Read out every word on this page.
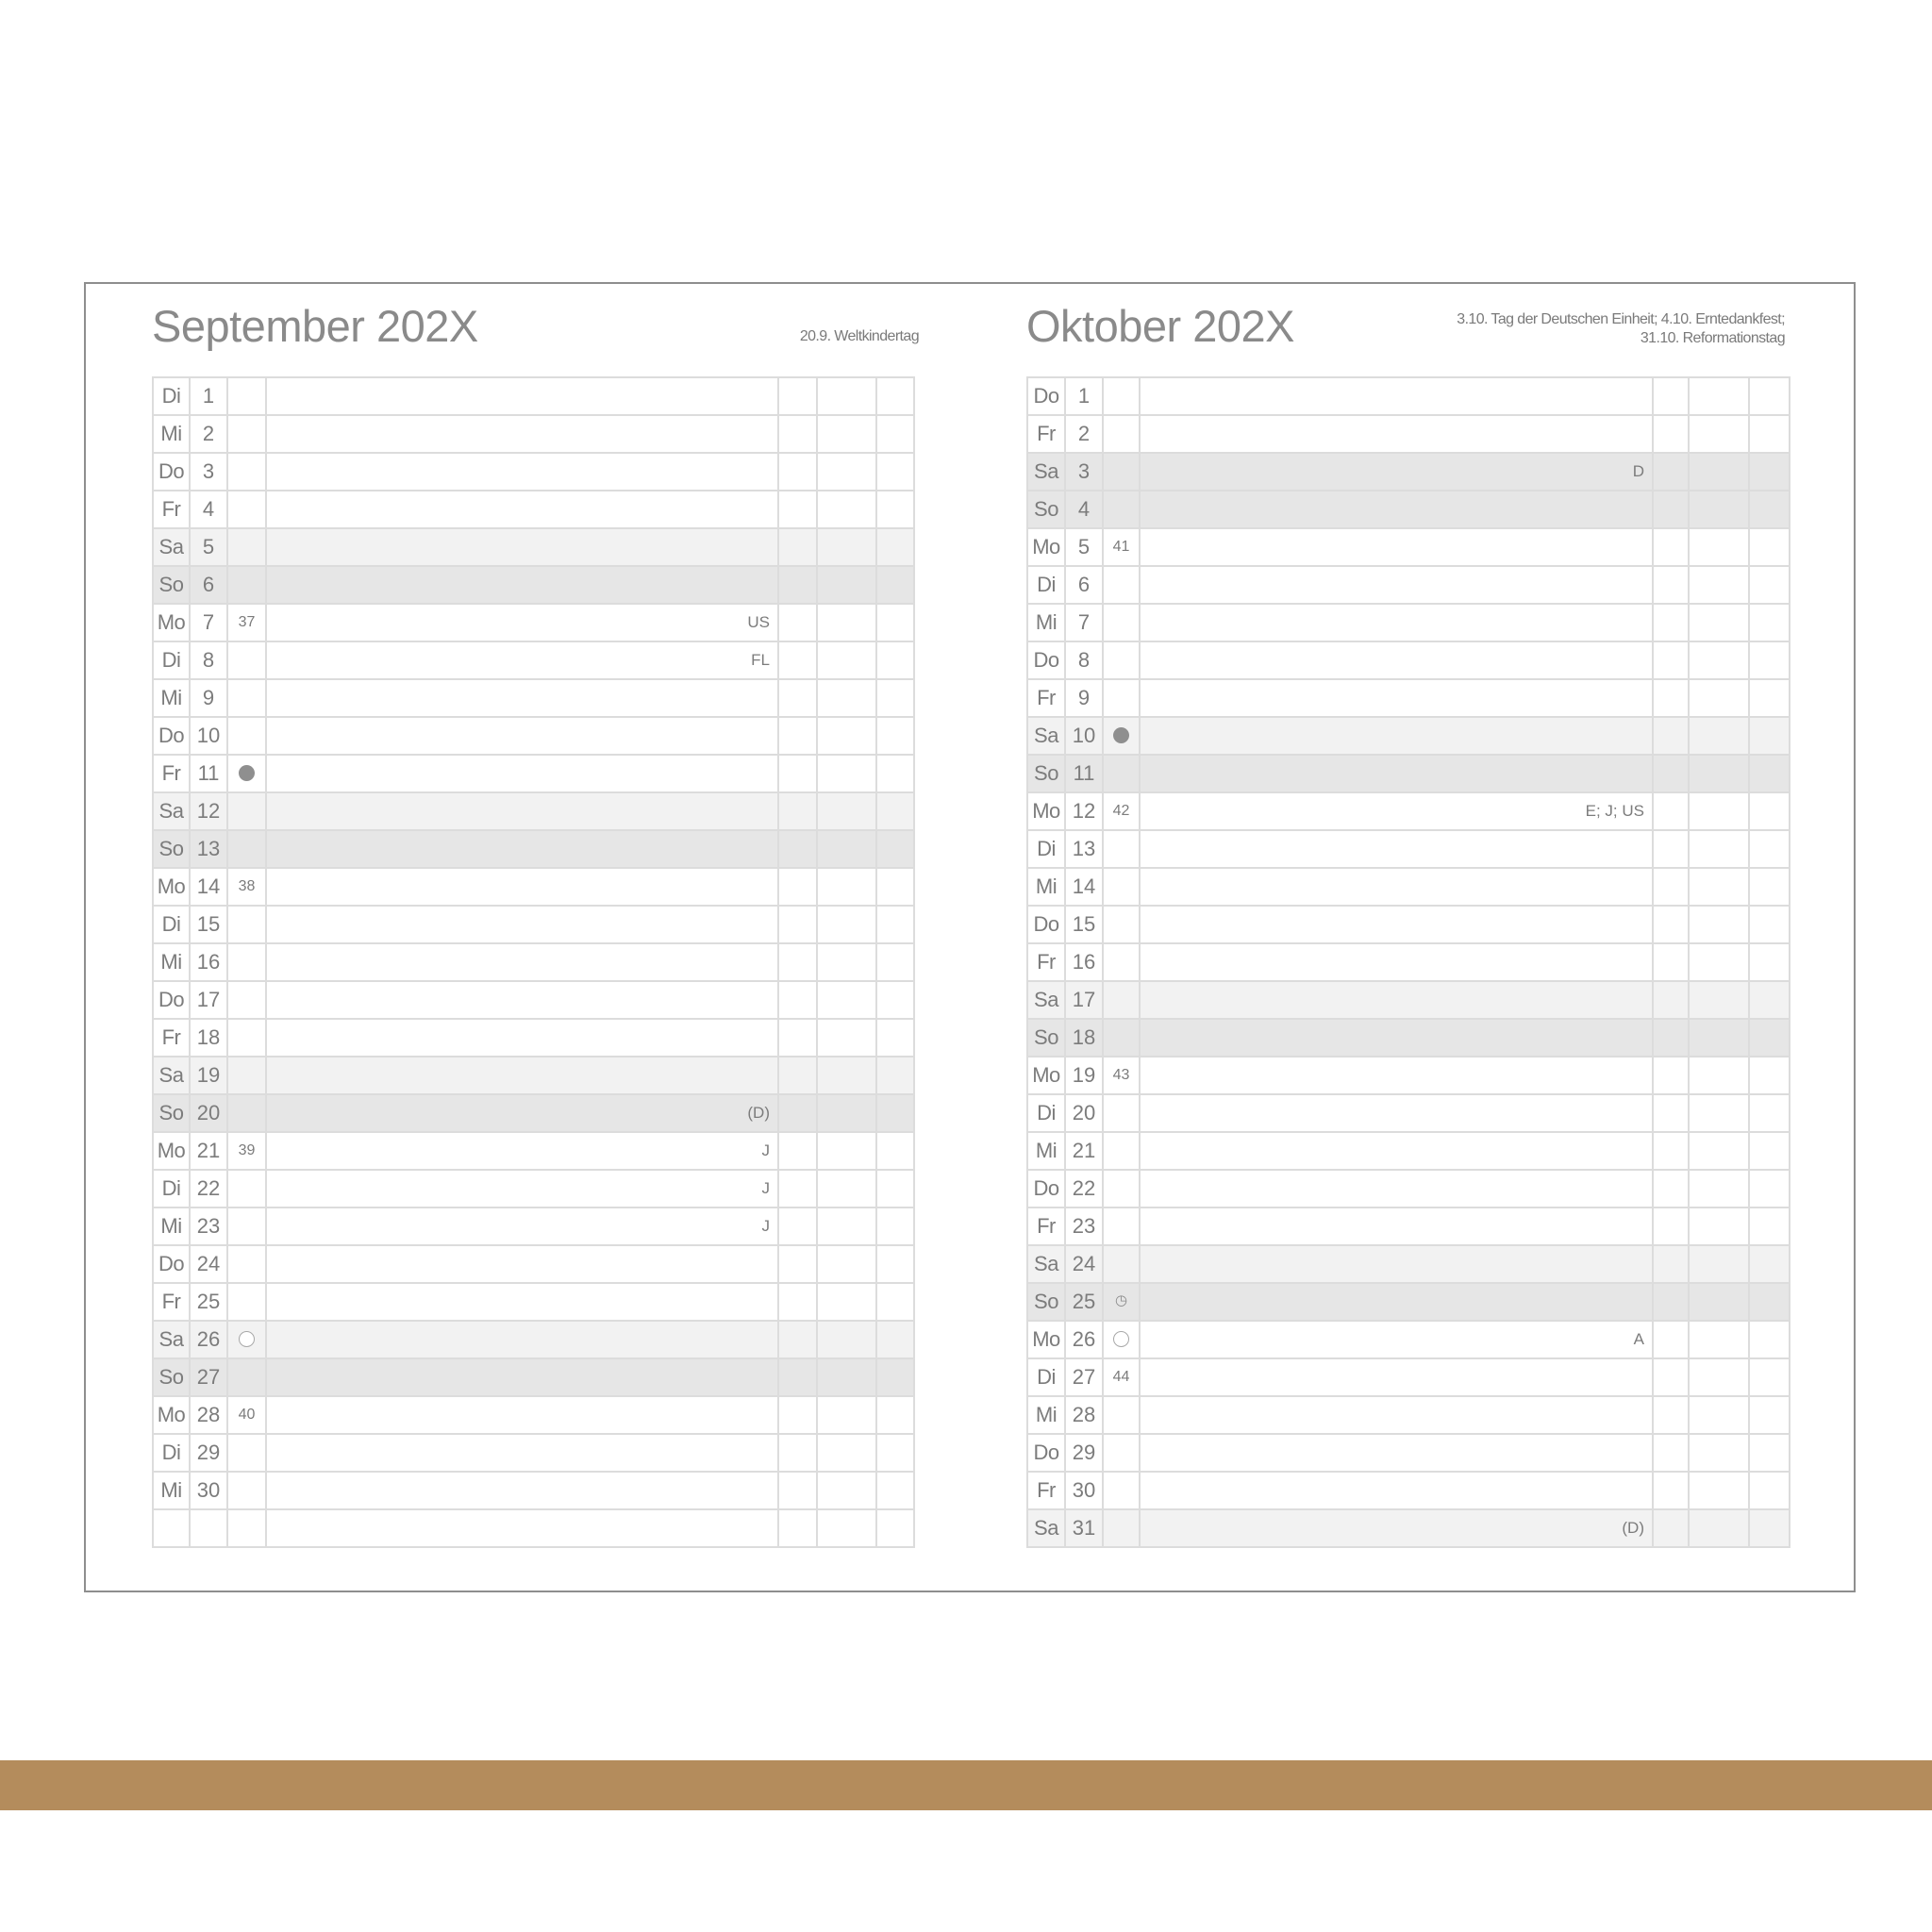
September 202X	20.9. Weltkindertag
Di	1					
Mi	2					
Do	3					
Fr	4					
Sa	5					
So	6					
Mo	7	37	US			
Di	8		FL			
Mi	9					
Do	10					
Fr	11					
Sa	12					
So	13					
Mo	14	38				
Di	15					
Mi	16					
Do	17					
Fr	18					
Sa	19					
So	20		(D)			
Mo	21	39	J			
Di	22		J			
Mi	23		J			
Do	24					
Fr	25					
Sa	26					
So	27					
Mo	28	40				
Di	29					
Mi	30					

Oktober 202X	3.10. Tag der Deutschen Einheit; 4.10. Erntedankfest;
31.10. Reformationstag
Do	1					
Fr	2					
Sa	3		D			
So	4					
Mo	5	41				
Di	6					
Mi	7					
Do	8					
Fr	9					
Sa	10					
So	11					
Mo	12	42	E; J; US			
Di	13					
Mi	14					
Do	15					
Fr	16					
Sa	17					
So	18					
Mo	19	43				
Di	20					
Mi	21					
Do	22					
Fr	23					
Sa	24					
So	25	◷				
Mo	26		A			
Di	27	44				
Mi	28					
Do	29					
Fr	30					
Sa	31		(D)			
